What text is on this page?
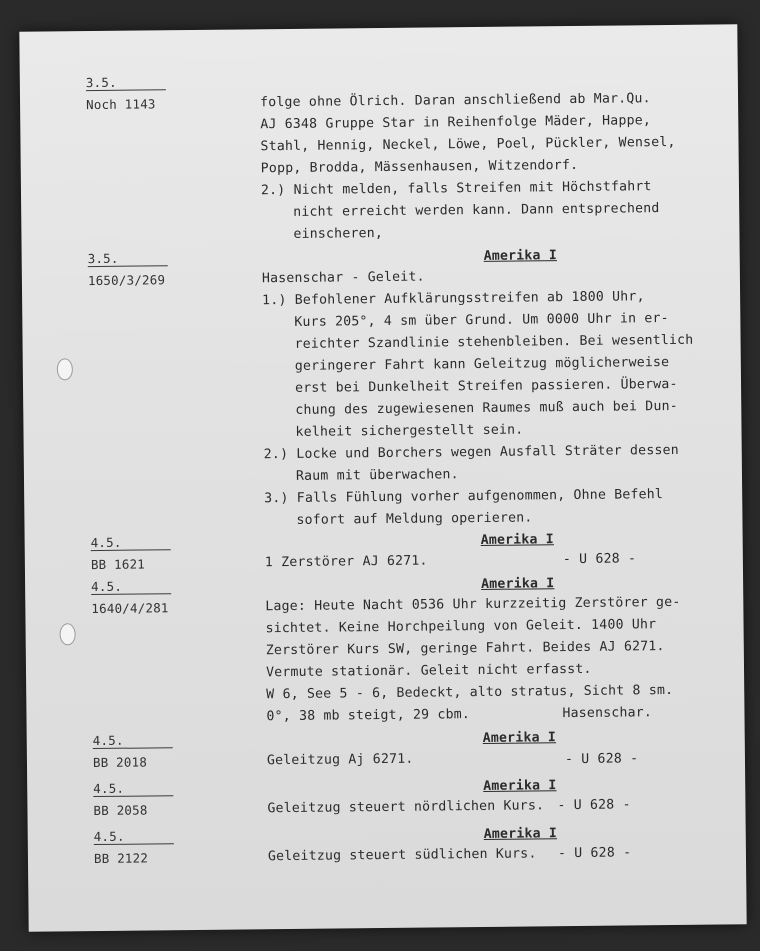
3.5.
Noch 1143	folge ohne Ölrich. Daran anschließend ab Mar.Qu.
AJ 6348 Gruppe Star in Reihenfolge Mäder, Happe,
Stahl, Hennig, Neckel, Löwe, Poel, Pückler, Wensel,
Popp, Brodda, Mässenhausen, Witzendorf.
2.) Nicht melden, falls Streifen mit Höchstfahrt
nicht erreicht werden kann. Dann entsprechend
einscheren,
3.5.	Amerika I
1650/3/269	Hasenschar - Geleit.
1.) Befohlener Aufklärungsstreifen ab 1800 Uhr,
Kurs 205°, 4 sm über Grund. Um 0000 Uhr in er-
reichter Szandlinie stehenbleiben. Bei wesentlich
geringerer Fahrt kann Geleitzug möglicherweise
erst bei Dunkelheit Streifen passieren. Überwa-
chung des zugewiesenen Raumes muß auch bei Dun-
kelheit sichergestellt sein.
2.) Locke und Borchers wegen Ausfall Sträter dessen
Raum mit überwachen.
3.) Falls Fühlung vorher aufgenommen, Ohne Befehl
sofort auf Meldung operieren.
4.5.	Amerika I
BB 1621	1 Zerstörer AJ 6271.	- U 628 -
4.5.	Amerika I
1640/4/281	Lage: Heute Nacht 0536 Uhr kurzzeitig Zerstörer ge-
sichtet. Keine Horchpeilung von Geleit. 1400 Uhr
Zerstörer Kurs SW, geringe Fahrt. Beides AJ 6271.
Vermute stationär. Geleit nicht erfasst.
W 6, See 5 - 6, Bedeckt, alto stratus, Sicht 8 sm.
0°, 38 mb steigt, 29 cbm.	Hasenschar.
4.5.	Amerika I
BB 2018	Geleitzug Aj 6271.	- U 628 -
4.5.	Amerika I
BB 2058	Geleitzug steuert nördlichen Kurs. - U 628 -
4.5.	Amerika I
BB 2122	Geleitzug steuert südlichen Kurs. - U 628 -
